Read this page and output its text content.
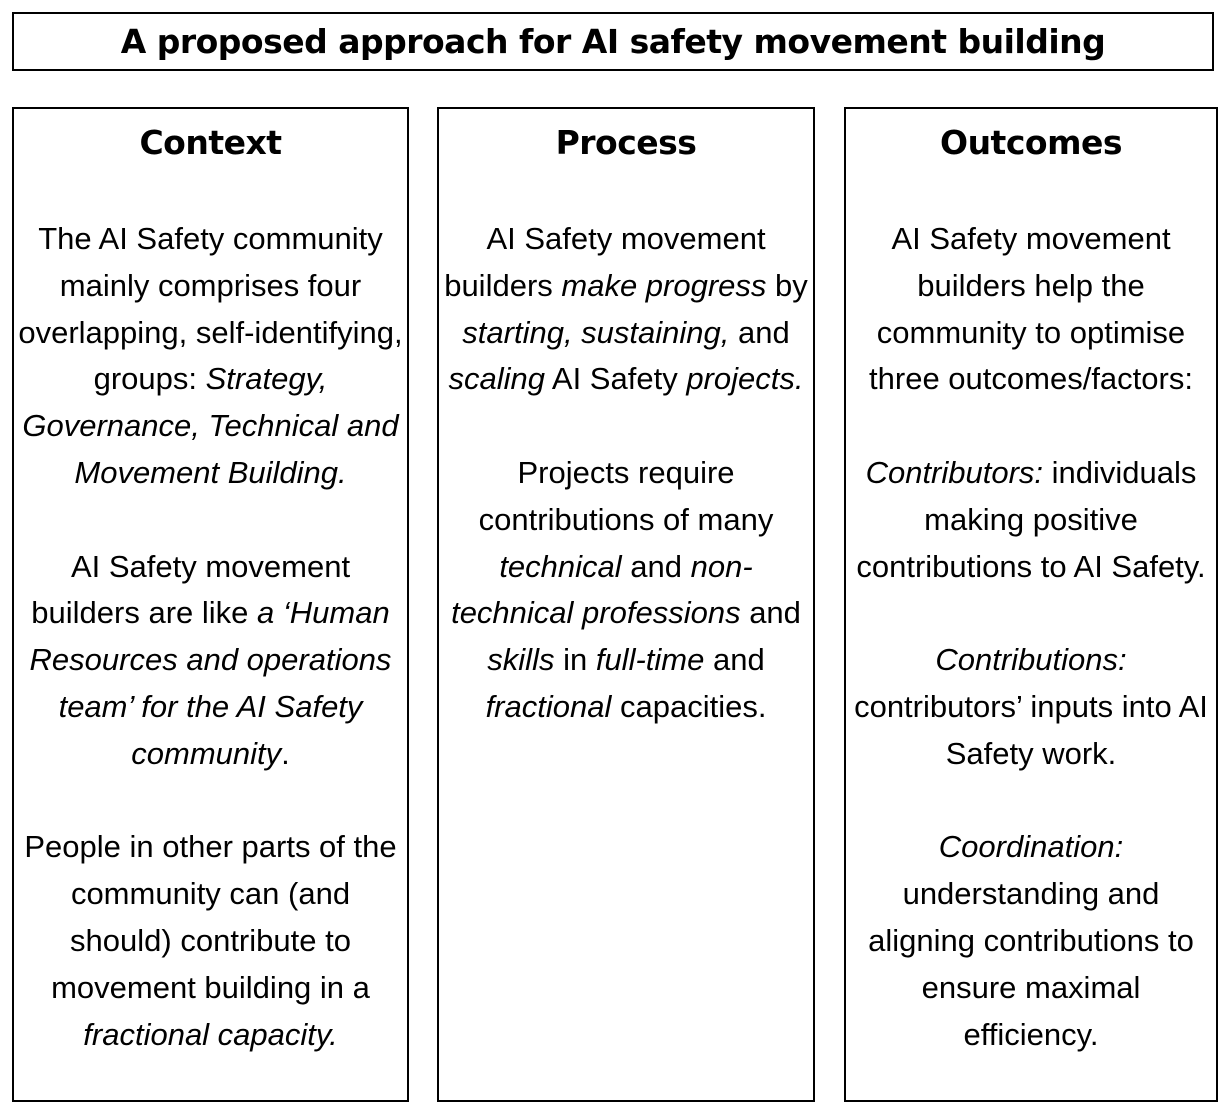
A proposed approach for AI safety movement building
Context

The AI Safety community mainly comprises four overlapping, self-identifying, groups: Strategy, Governance, Technical and Movement Building.

AI Safety movement builders are like a ‘Human Resources and operations team’ for the AI Safety community.

People in other parts of the community can (and should) contribute to movement building in a fractional capacity.

Process

AI Safety movement builders make progress by starting, sustaining, and scaling AI Safety projects.

Projects require contributions of many technical and non-technical professions and skills in full-time and fractional capacities.

Outcomes

AI Safety movement builders help the community to optimise three outcomes/factors:

Contributors: individuals making positive contributions to AI Safety.

Contributions: contributors’ inputs into AI Safety work.

Coordination: understanding and aligning contributions to ensure maximal efficiency.
